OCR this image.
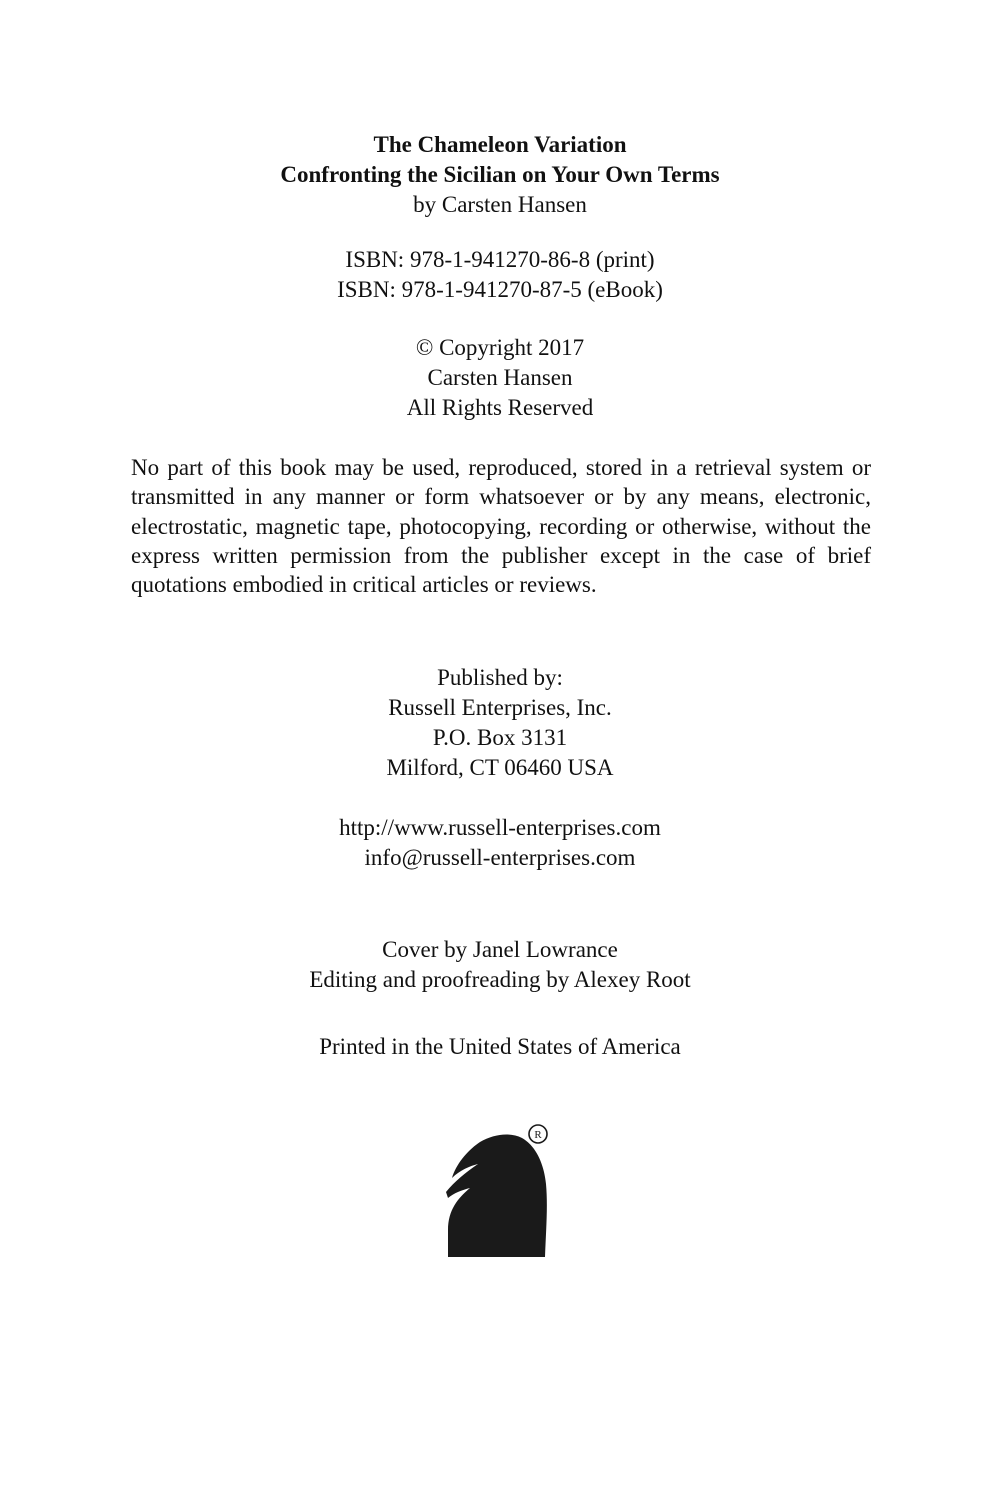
The Chameleon Variation
Confronting the Sicilian on Your Own Terms
by Carsten Hansen
ISBN: 978-1-941270-86-8 (print)
ISBN: 978-1-941270-87-5 (eBook)
© Copyright 2017
Carsten Hansen
All Rights Reserved
No part of this book may be used, reproduced, stored in a retrieval system or transmitted in any manner or form whatsoever or by any means, electronic, electrostatic, magnetic tape, photocopying, recording or otherwise, without the express written permission from the publisher except in the case of brief quotations embodied in critical articles or reviews.
Published by:
Russell Enterprises, Inc.
P.O. Box 3131
Milford, CT 06460 USA
http://www.russell-enterprises.com
info@russell-enterprises.com
Cover by Janel Lowrance
Editing and proofreading by Alexey Root
Printed in the United States of America
R
